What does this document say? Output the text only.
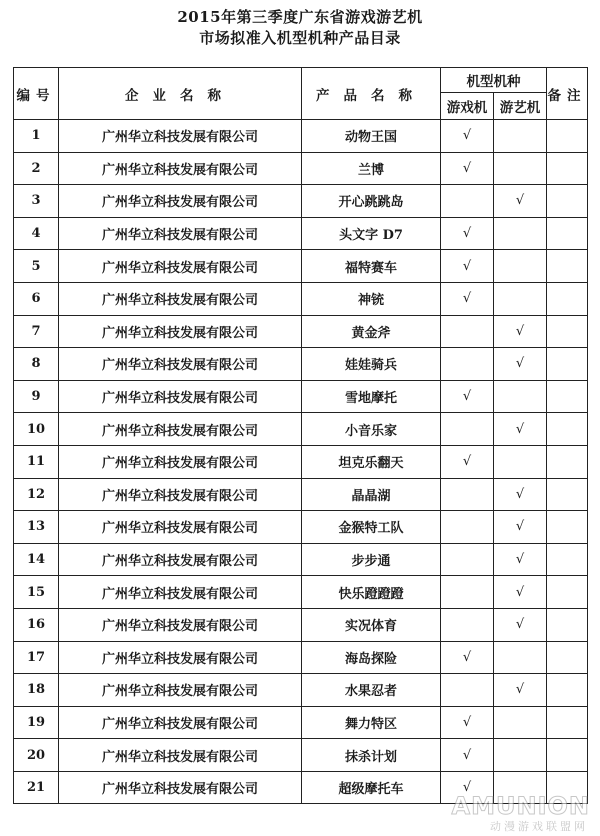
2015年第三季度广东省游戏游艺机
市场拟准入机型机种产品目录
编号	企业名称	产品名称	机型机种		备注
			游戏机	游艺机	
1	广州华立科技发展有限公司	动物王国	√		
2	广州华立科技发展有限公司	兰博	√		
3	广州华立科技发展有限公司	开心跳跳岛		√	
4	广州华立科技发展有限公司	头文字 D7	√		
5	广州华立科技发展有限公司	福特赛车	√		
6	广州华立科技发展有限公司	神铳	√		
7	广州华立科技发展有限公司	黄金斧		√	
8	广州华立科技发展有限公司	娃娃骑兵		√	
9	广州华立科技发展有限公司	雪地摩托	√		
10	广州华立科技发展有限公司	小音乐家		√	
11	广州华立科技发展有限公司	坦克乐翻天	√		
12	广州华立科技发展有限公司	晶晶湖		√	
13	广州华立科技发展有限公司	金猴特工队		√	
14	广州华立科技发展有限公司	步步通		√	
15	广州华立科技发展有限公司	快乐蹬蹬蹬		√	
16	广州华立科技发展有限公司	实况体育		√	
17	广州华立科技发展有限公司	海岛探险	√		
18	广州华立科技发展有限公司	水果忍者		√	
19	广州华立科技发展有限公司	舞力特区	√		
20	广州华立科技发展有限公司	抹杀计划	√		
21	广州华立科技发展有限公司	超级摩托车	√		
AMUNION
动漫游戏联盟网
